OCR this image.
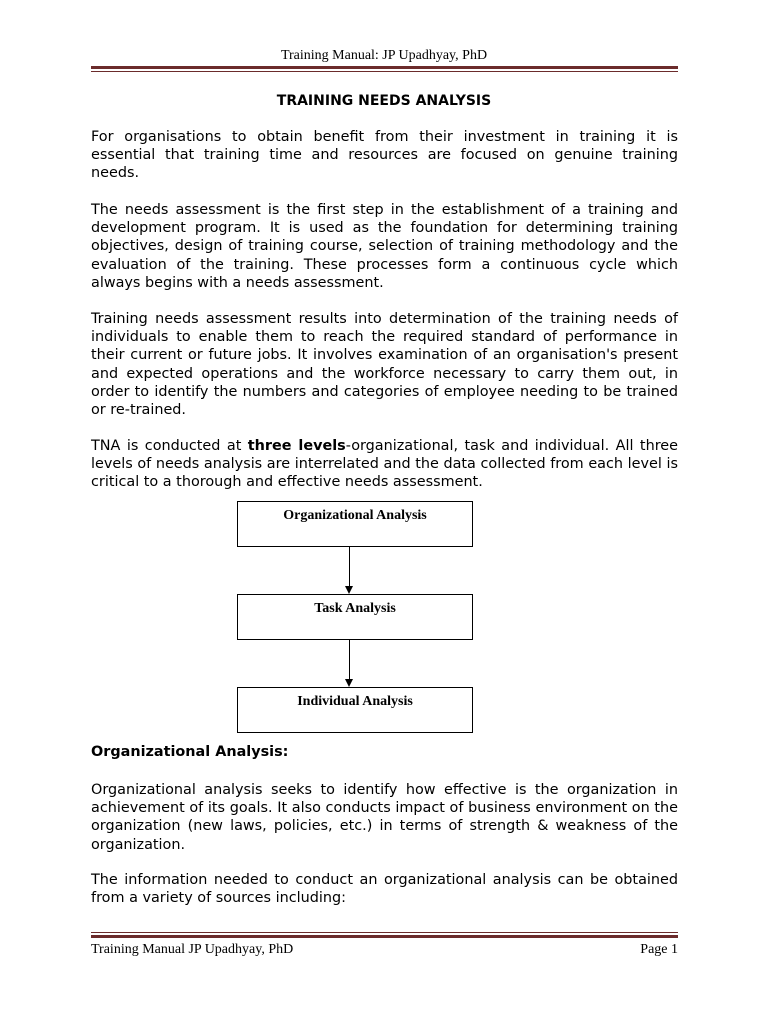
Training Manual: JP Upadhyay, PhD
TRAINING NEEDS ANALYSIS

For organisations to obtain benefit from their investment in training it is essential that training time and resources are focused on genuine training needs.

The needs assessment is the first step in the establishment of a training and development program. It is used as the foundation for determining training objectives, design of training course, selection of training methodology and the evaluation of the training. These processes form a continuous cycle which always begins with a needs assessment.

Training needs assessment results into determination of the training needs of individuals to enable them to reach the required standard of performance in their current or future jobs. It involves examination of an organisation's present and expected operations and the workforce necessary to carry them out, in order to identify the numbers and categories of employee needing to be trained or re-trained.

TNA is conducted at three levels-organizational, task and individual. All three levels of needs analysis are interrelated and the data collected from each level is critical to a thorough and effective needs assessment.

Organizational Analysis
Task Analysis
Individual Analysis
Organizational Analysis:

Organizational analysis seeks to identify how effective is the organization in achievement of its goals. It also conducts impact of business environment on the organization (new laws, policies, etc.) in terms of strength & weakness of the organization.

The information needed to conduct an organizational analysis can be obtained from a variety of sources including:

Training Manual JP Upadhyay, PhD	Page 1
